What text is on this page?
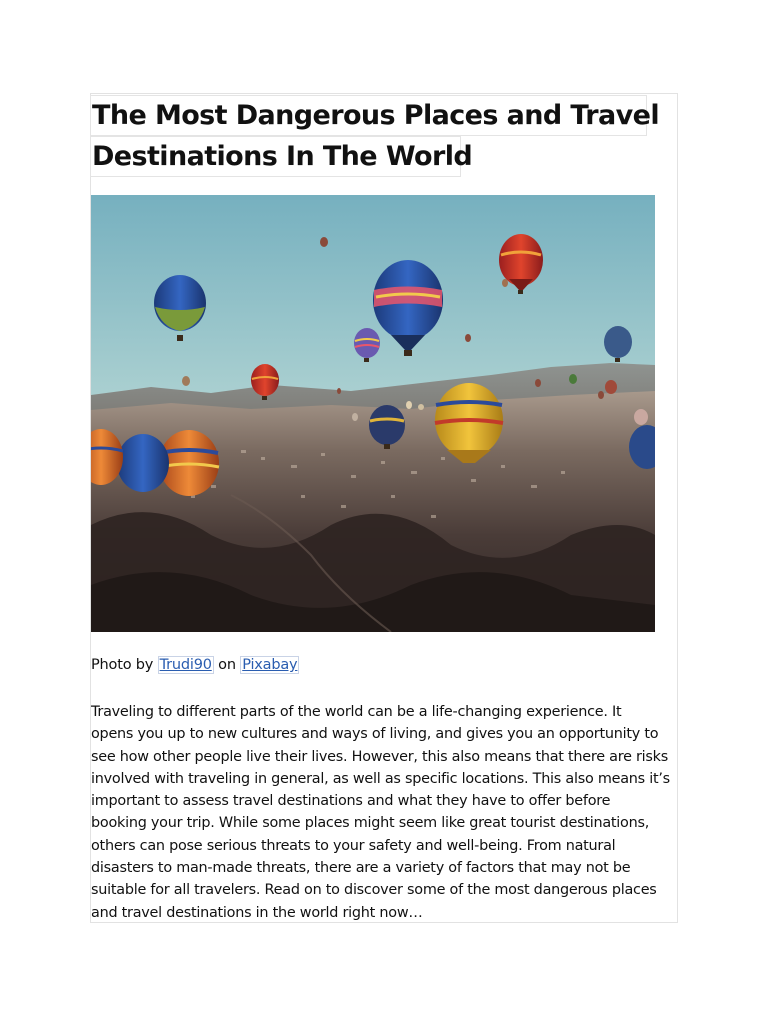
The Most Dangerous Places and Travel
Destinations In The World
Photo by Trudi90 on Pixabay
Traveling to different parts of the world can be a life-changing experience. It
opens you up to new cultures and ways of living, and gives you an opportunity to
see how other people live their lives. However, this also means that there are risks
involved with traveling in general, as well as specific locations. This also means it’s
important to assess travel destinations and what they have to offer before
booking your trip. While some places might seem like great tourist destinations,
others can pose serious threats to your safety and well-being. From natural
disasters to man-made threats, there are a variety of factors that may not be
suitable for all travelers. Read on to discover some of the most dangerous places
and travel destinations in the world right now…
